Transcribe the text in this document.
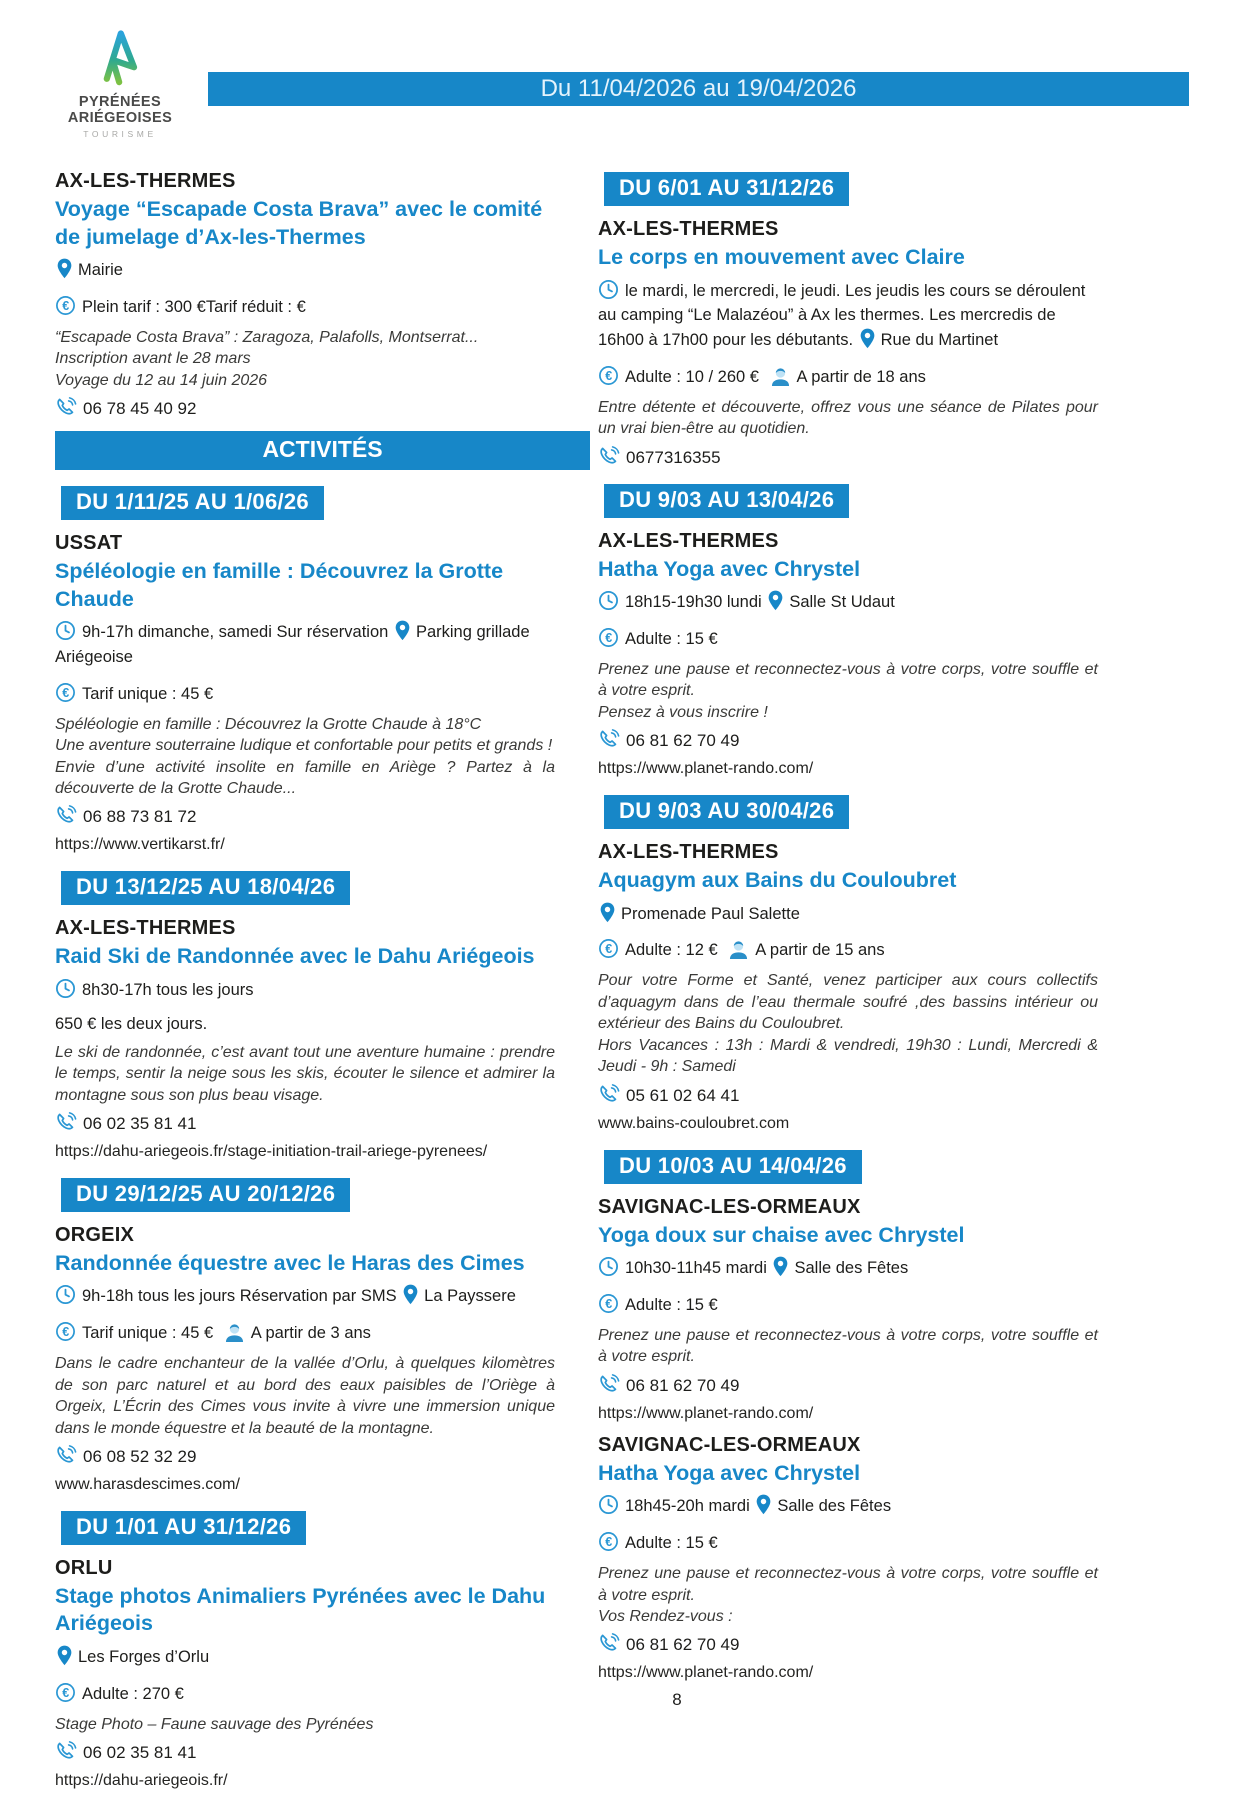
PYRÉNÉES
ARIÉGEOISES
TOURISME
Du 11/04/2026 au 19/04/2026
AX-LES-THERMES
Voyage “Escapade Costa Brava” avec le comité de jumelage d’Ax-les-Thermes

Mairie

€ Plein tarif : 300 €Tarif réduit : €

“Escapade Costa Brava” : Zaragoza, Palafolls, Montserrat...
Inscription avant le 28 mars
Voyage du 12 au 14 juin 2026

06 78 45 40 92

ACTIVITÉS
DU 1/11/25 AU 1/06/26
USSAT
Spéléologie en famille : Découvrez la Grotte Chaude

9h-17h dimanche, samedi Sur réservation Parking grillade Ariégeoise

€ Tarif unique : 45 €

Spéléologie en famille : Découvrez la Grotte Chaude à 18°C
Une aventure souterraine ludique et confortable pour petits et grands !
Envie d’une activité insolite en famille en Ariège ? Partez à la découverte de la Grotte Chaude...

06 88 73 81 72

https://www.vertikarst.fr/

DU 13/12/25 AU 18/04/26
AX-LES-THERMES
Raid Ski de Randonnée avec le Dahu Ariégeois

8h30-17h tous les jours

650 € les deux jours.

Le ski de randonnée, c’est avant tout une aventure humaine : prendre le temps, sentir la neige sous les skis, écouter le silence et admirer la montagne sous son plus beau visage.

06 02 35 81 41

https://dahu-ariegeois.fr/stage-initiation-trail-ariege-pyrenees/

DU 29/12/25 AU 20/12/26
ORGEIX
Randonnée équestre avec le Haras des Cimes

9h-18h tous les jours Réservation par SMS La Payssere

€ Tarif unique : 45 € A partir de 3 ans

Dans le cadre enchanteur de la vallée d’Orlu, à quelques kilomètres de son parc naturel et au bord des eaux paisibles de l’Oriège à Orgeix, L’Écrin des Cimes vous invite à vivre une immersion unique dans le monde équestre et la beauté de la montagne.

06 08 52 32 29

www.harasdescimes.com/

DU 1/01 AU 31/12/26
ORLU
Stage photos Animaliers Pyrénées avec le Dahu Ariégeois

Les Forges d’Orlu

€ Adulte : 270 €

Stage Photo – Faune sauvage des Pyrénées

06 02 35 81 41

https://dahu-ariegeois.fr/

DU 6/01 AU 31/12/26
AX-LES-THERMES
Le corps en mouvement avec Claire

le mardi, le mercredi, le jeudi. Les jeudis les cours se déroulent au camping “Le Malazéou” à Ax les thermes. Les mercredis de 16h00 à 17h00 pour les débutants. Rue du Martinet

€ Adulte : 10 / 260 € A partir de 18 ans

Entre détente et découverte, offrez vous une séance de Pilates pour un vrai bien-être au quotidien.

0677316355

DU 9/03 AU 13/04/26
AX-LES-THERMES
Hatha Yoga avec Chrystel

18h15-19h30 lundi Salle St Udaut

€ Adulte : 15 €

Prenez une pause et reconnectez-vous à votre corps, votre souffle et à votre esprit.
Pensez à vous inscrire !

06 81 62 70 49

https://www.planet-rando.com/

DU 9/03 AU 30/04/26
AX-LES-THERMES
Aquagym aux Bains du Couloubret

Promenade Paul Salette

€ Adulte : 12 € A partir de 15 ans

Pour votre Forme et Santé, venez participer aux cours collectifs d’aquagym dans de l’eau thermale soufré ,des bassins intérieur ou extérieur des Bains du Couloubret.
Hors Vacances : 13h : Mardi & vendredi, 19h30 : Lundi, Mercredi & Jeudi - 9h : Samedi

05 61 02 64 41

www.bains-couloubret.com

DU 10/03 AU 14/04/26
SAVIGNAC-LES-ORMEAUX
Yoga doux sur chaise avec Chrystel

10h30-11h45 mardi Salle des Fêtes

€ Adulte : 15 €

Prenez une pause et reconnectez-vous à votre corps, votre souffle et à votre esprit.

06 81 62 70 49

https://www.planet-rando.com/

SAVIGNAC-LES-ORMEAUX
Hatha Yoga avec Chrystel

18h45-20h mardi Salle des Fêtes

€ Adulte : 15 €

Prenez une pause et reconnectez-vous à votre corps, votre souffle et à votre esprit.
Vos Rendez-vous :

06 81 62 70 49

https://www.planet-rando.com/

8
